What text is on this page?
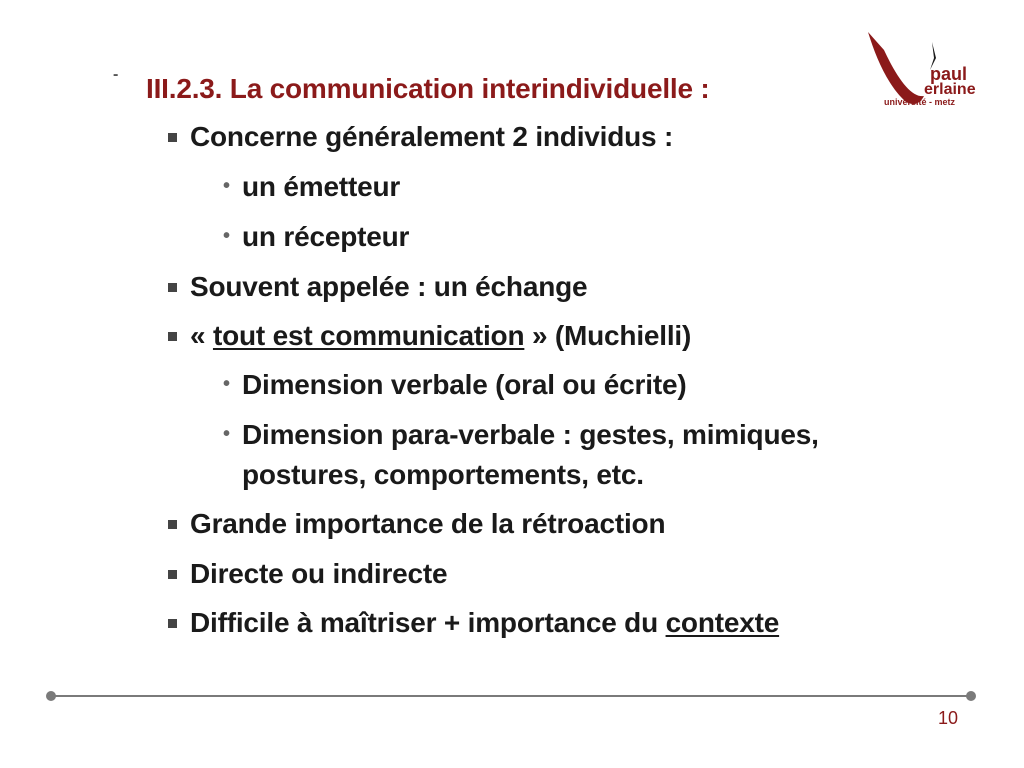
- III.2.3. La communication interindividuelle :	paul
erlaine
université - metz
Concerne généralement 2 individus :
• un émetteur
• un récepteur
Souvent appelée : un échange
« tout est communication » (Muchielli)
• Dimension verbale (oral ou écrite)
• Dimension para-verbale : gestes, mimiques,
postures, comportements, etc.
Grande importance de la rétroaction
Directe ou indirecte
Difficile à maîtriser + importance du contexte
10
